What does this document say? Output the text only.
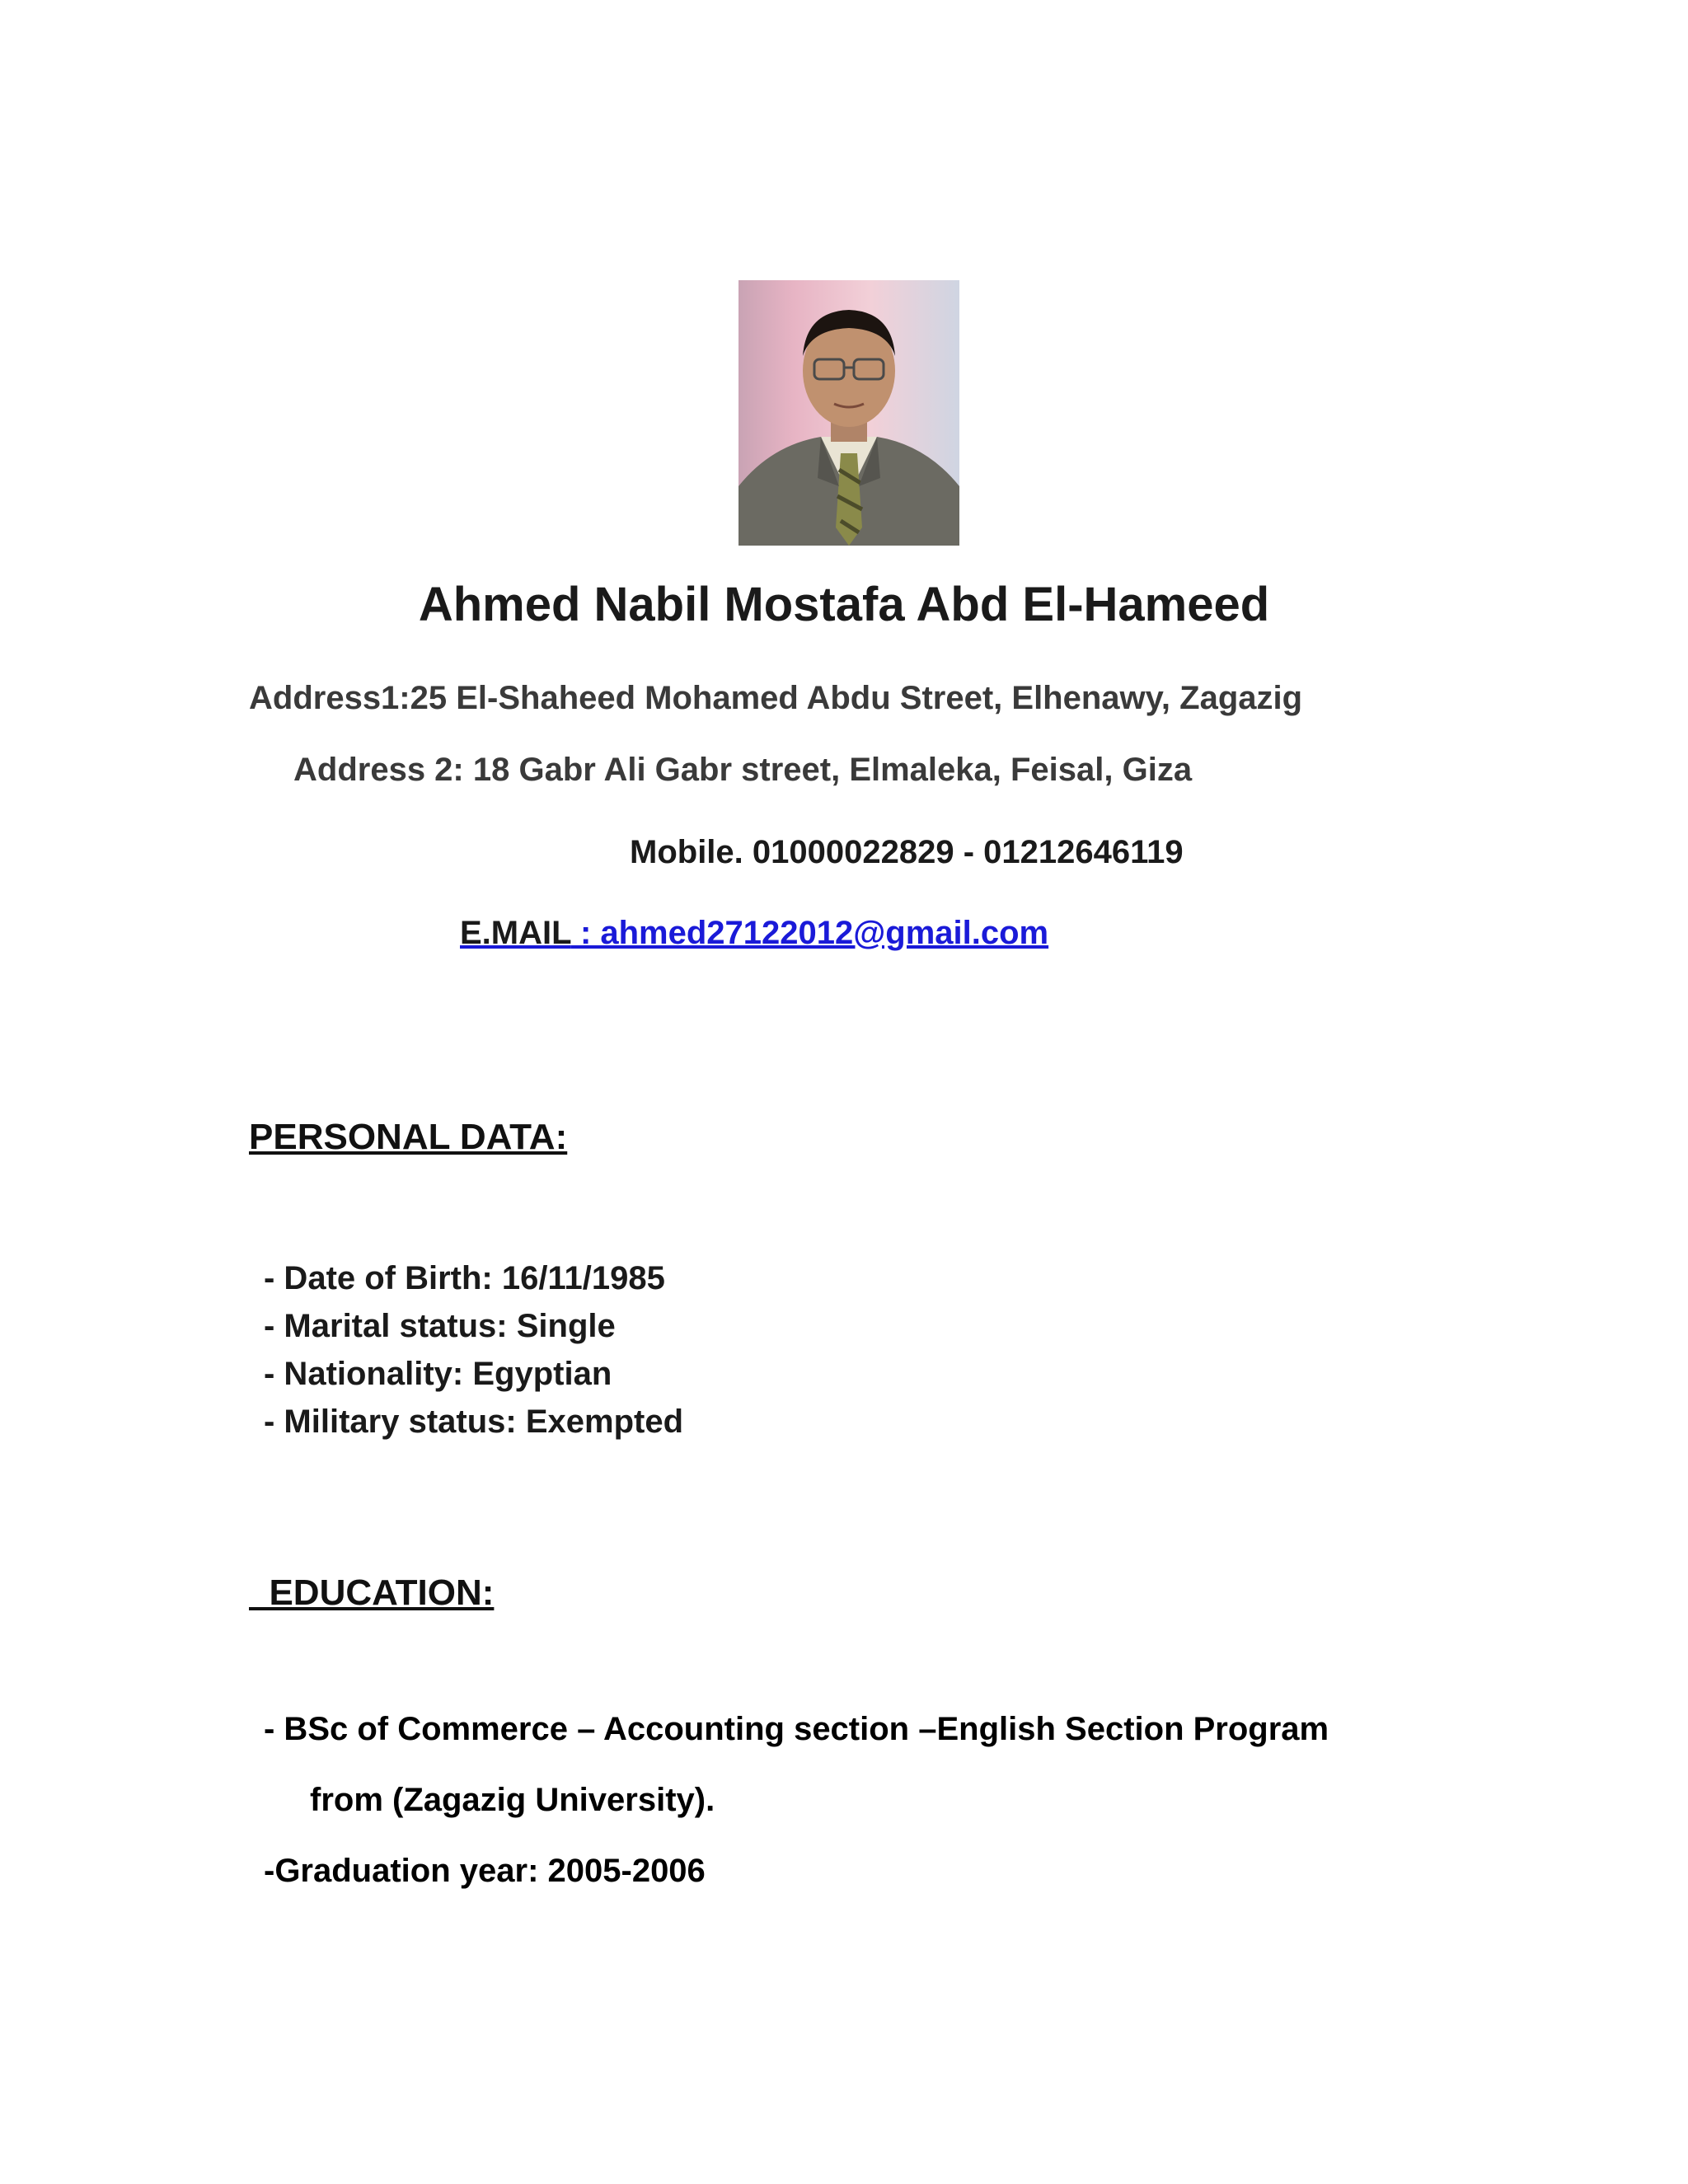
Ahmed Nabil Mostafa Abd El-Hameed
Address1:25 El-Shaheed Mohamed Abdu Street, Elhenawy, Zagazig
Address 2: 18 Gabr Ali Gabr street, Elmaleka, Feisal, Giza
Mobile. 01000022829 - 01212646119
E.MAIL : ahmed27122012@gmail.com
PERSONAL DATA:
- Date of Birth: 16/11/1985
- Marital status: Single
- Nationality: Egyptian
- Military status: Exempted
EDUCATION:
- BSc of Commerce – Accounting section –English Section Program
from (Zagazig University).
-Graduation year: 2005-2006
